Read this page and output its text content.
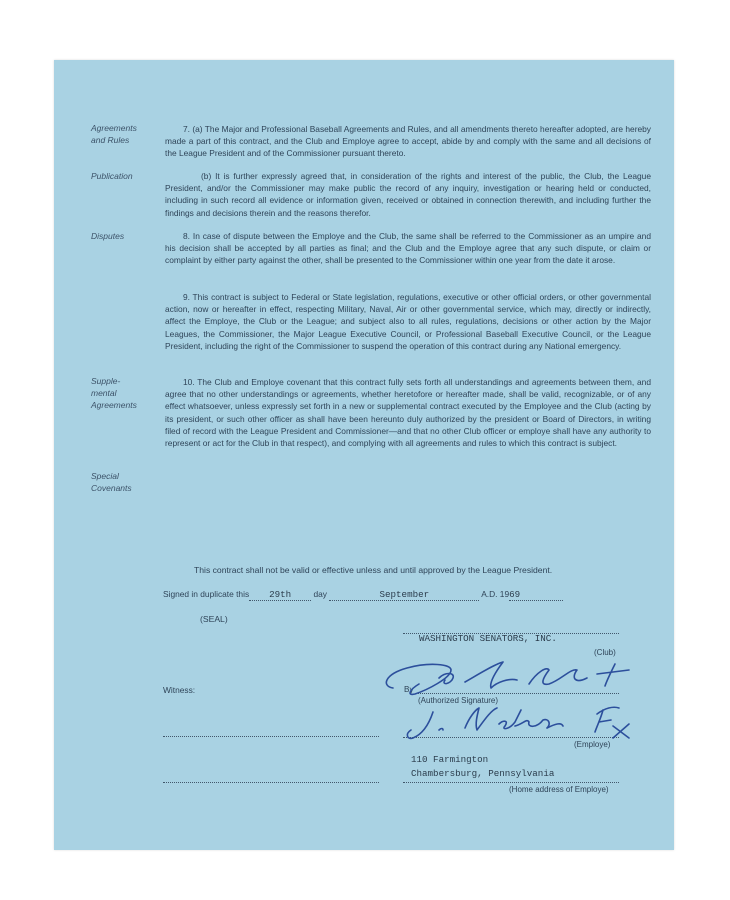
Agreements
and Rules
7. (a) The Major and Professional Baseball Agreements and Rules, and all amendments thereto hereafter adopted, are hereby made a part of this contract, and the Club and Employe agree to accept, abide by and comply with the same and all decisions of the League President and of the Commissioner pursuant thereto.
Publication	(b) It is further expressly agreed that, in consideration of the rights and interest of the public, the Club, the League President, and/or the Commissioner may make public the record of any inquiry, investigation or hearing held or conducted, including in such record all evidence or information given, received or obtained in connection therewith, and including further the findings and decisions therein and the reasons therefor.
Disputes	8. In case of dispute between the Employe and the Club, the same shall be referred to the Commissioner as an umpire and his decision shall be accepted by all parties as final; and the Club and the Employe agree that any such dispute, or claim or complaint by either party against the other, shall be presented to the Commissioner within one year from the date it arose.
9. This contract is subject to Federal or State legislation, regulations, executive or other official orders, or other governmental action, now or hereafter in effect, respecting Military, Naval, Air or other governmental service, which may, directly or indirectly, affect the Employe, the Club or the League; and subject also to all rules, regulations, decisions or other action by the Major Leagues, the Commissioner, the Major League Executive Council, or Professional Baseball Executive Council, or the League President, including the right of the Commissioner to suspend the operation of this contract during any National emergency.
Supple-
mental
Agreements
10. The Club and Employe covenant that this contract fully sets forth all understandings and agreements between them, and agree that no other understandings or agreements, whether heretofore or hereafter made, shall be valid, recognizable, or of any effect whatsoever, unless expressly set forth in a new or supplemental contract executed by the Employee and the Club (acting by its president, or such other officer as shall have been hereunto duly authorized by the president or Board of Directors, in writing filed of record with the League President and Commissioner—and that no other Club officer or employe shall have any authority to represent or act for the Club in that respect), and complying with all agreements and rules to which this contract is subject.
Special
Covenants
This contract shall not be valid or effective unless and until approved by the League President.
Signed in duplicate this 29th	day	September	A.D. 1969
(SEAL)
WASHINGTON SENATORS, INC.
(Club)
Witness:	By
(Authorized Signature)
(Employe)
110 Farmington
Chambersburg, Pennsylvania
(Home address of Employe)
